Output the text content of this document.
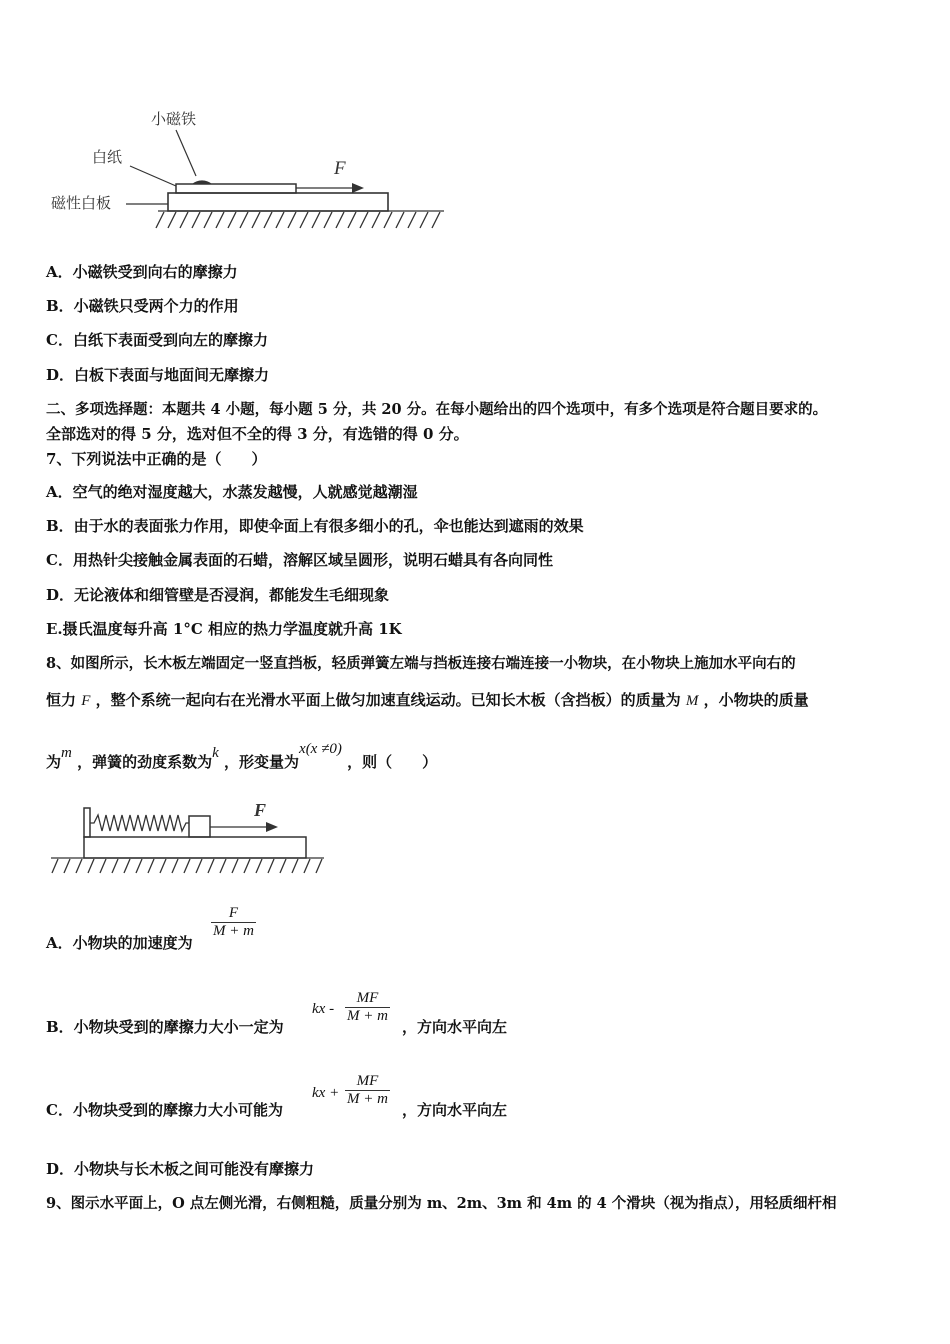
F
小磁铁
白纸
磁性白板
A．小磁铁受到向右的摩擦力
B．小磁铁只受两个力的作用
C．白纸下表面受到向左的摩擦力
D．白板下表面与地面间无摩擦力
二、多项选择题：本题共 4 小题，每小题 5 分，共 20 分。在每小题给出的四个选项中，有多个选项是符合题目要求的。
全部选对的得 5 分，选对但不全的得 3 分，有选错的得 0 分。
7、下列说法中正确的是（　　）
A．空气的绝对湿度越大，水蒸发越慢，人就感觉越潮湿
B．由于水的表面张力作用，即使伞面上有很多细小的孔，伞也能达到遮雨的效果
C．用热针尖接触金属表面的石蜡，溶解区域呈圆形，说明石蜡具有各向同性
D．无论液体和细管壁是否浸润，都能发生毛细现象
E.摄氏温度每升高 1°C 相应的热力学温度就升高 1K
8、如图所示，长木板左端固定一竖直挡板，轻质弹簧左端与挡板连接右端连接一小物块，在小物块上施加水平向右的
恒力 F ，整个系统一起向右在光滑水平面上做匀加速直线运动。已知长木板（含挡板）的质量为 M ，小物块的质量
为m ，弹簧的劲度系数为k ，形变量为x(x ≠0) ，则（　　）
F
$\frac{F}{M + m}$
A．小物块的加速度为
B．小物块受到的摩擦力大小一定为
kx - $\frac{MF}{M + m}$
，方向水平向左
C．小物块受到的摩擦力大小可能为
kx + $\frac{MF}{M + m}$
，方向水平向左
D．小物块与长木板之间可能没有摩擦力
9、图示水平面上，O 点左侧光滑，右侧粗糙，质量分别为 m、2m、3m 和 4m 的 4 个滑块（视为指点），用轻质细杆相
